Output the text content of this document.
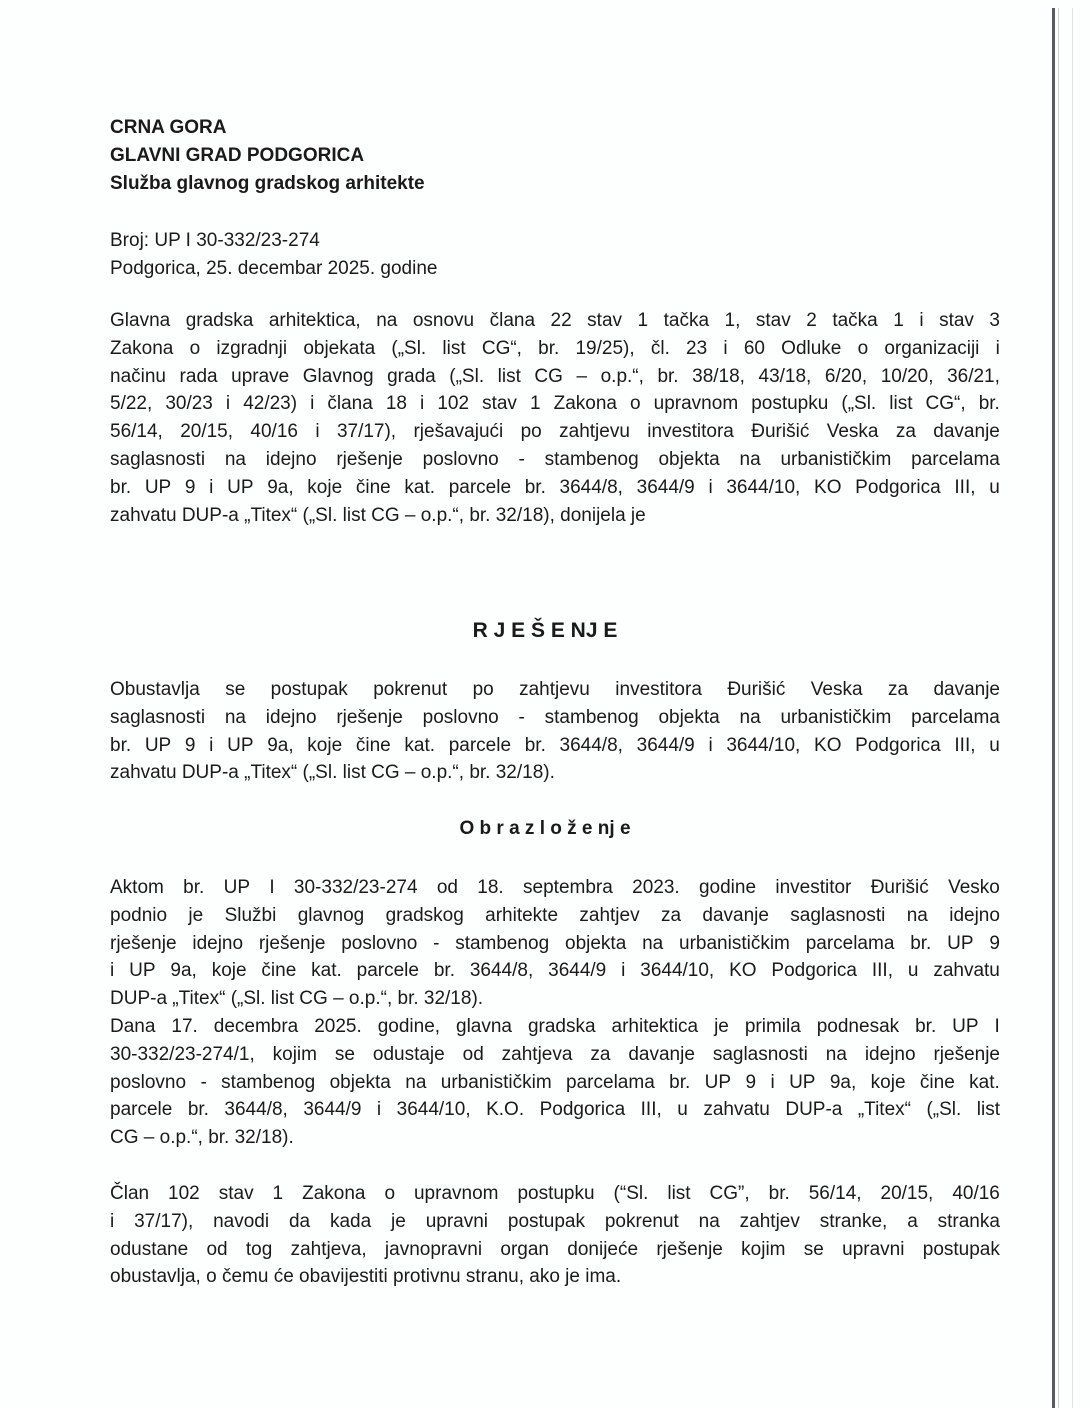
CRNA GORA
GLAVNI GRAD PODGORICA
Služba glavnog gradskog arhitekte
Broj: UP I 30-332/23-274
Podgorica, 25. decembar 2025. godine
Glavna gradska arhitektica, na osnovu člana 22 stav 1 tačka 1, stav 2 tačka 1 i stav 3
Zakona o izgradnji objekata („Sl. list CG“, br. 19/25), čl. 23 i 60 Odluke o organizaciji i
načinu rada uprave Glavnog grada („Sl. list CG – o.p.“, br. 38/18, 43/18, 6/20, 10/20, 36/21,
5/22, 30/23 i 42/23) i člana 18 i 102 stav 1 Zakona o upravnom postupku („Sl. list CG“, br.
56/14, 20/15, 40/16 i 37/17), rješavajući po zahtjevu investitora Đurišić Veska za davanje
saglasnosti na idejno rješenje poslovno - stambenog objekta na urbanističkim parcelama
br. UP 9 i UP 9a, koje čine kat. parcele br. 3644/8, 3644/9 i 3644/10, KO Podgorica III, u
zahvatu DUP-a „Titex“ („Sl. list CG – o.p.“, br. 32/18), donijela je
R J E Š E NJ E
Obustavlja se postupak pokrenut po zahtjevu investitora Đurišić Veska za davanje
saglasnosti na idejno rješenje poslovno - stambenog objekta na urbanističkim parcelama
br. UP 9 i UP 9a, koje čine kat. parcele br. 3644/8, 3644/9 i 3644/10, KO Podgorica III, u
zahvatu DUP-a „Titex“ („Sl. list CG – o.p.“, br. 32/18).
O b r a z l o ž e nj e
Aktom br. UP I 30-332/23-274 od 18. septembra 2023. godine investitor Đurišić Vesko
podnio je Službi glavnog gradskog arhitekte zahtjev za davanje saglasnosti na idejno
rješenje idejno rješenje poslovno - stambenog objekta na urbanističkim parcelama br. UP 9
i UP 9a, koje čine kat. parcele br. 3644/8, 3644/9 i 3644/10, KO Podgorica III, u zahvatu
DUP-a „Titex“ („Sl. list CG – o.p.“, br. 32/18).
Dana 17. decembra 2025. godine, glavna gradska arhitektica je primila podnesak br. UP I
30-332/23-274/1, kojim se odustaje od zahtjeva za davanje saglasnosti na idejno rješenje
poslovno - stambenog objekta na urbanističkim parcelama br. UP 9 i UP 9a, koje čine kat.
parcele br. 3644/8, 3644/9 i 3644/10, K.O. Podgorica III, u zahvatu DUP-a „Titex“ („Sl. list
CG – o.p.“, br. 32/18).
Član 102 stav 1 Zakona o upravnom postupku (“Sl. list CG”, br. 56/14, 20/15, 40/16
i 37/17), navodi da kada je upravni postupak pokrenut na zahtjev stranke, a stranka
odustane od tog zahtjeva, javnopravni organ donijeće rješenje kojim se upravni postupak
obustavlja, o čemu će obavijestiti protivnu stranu, ako je ima.
